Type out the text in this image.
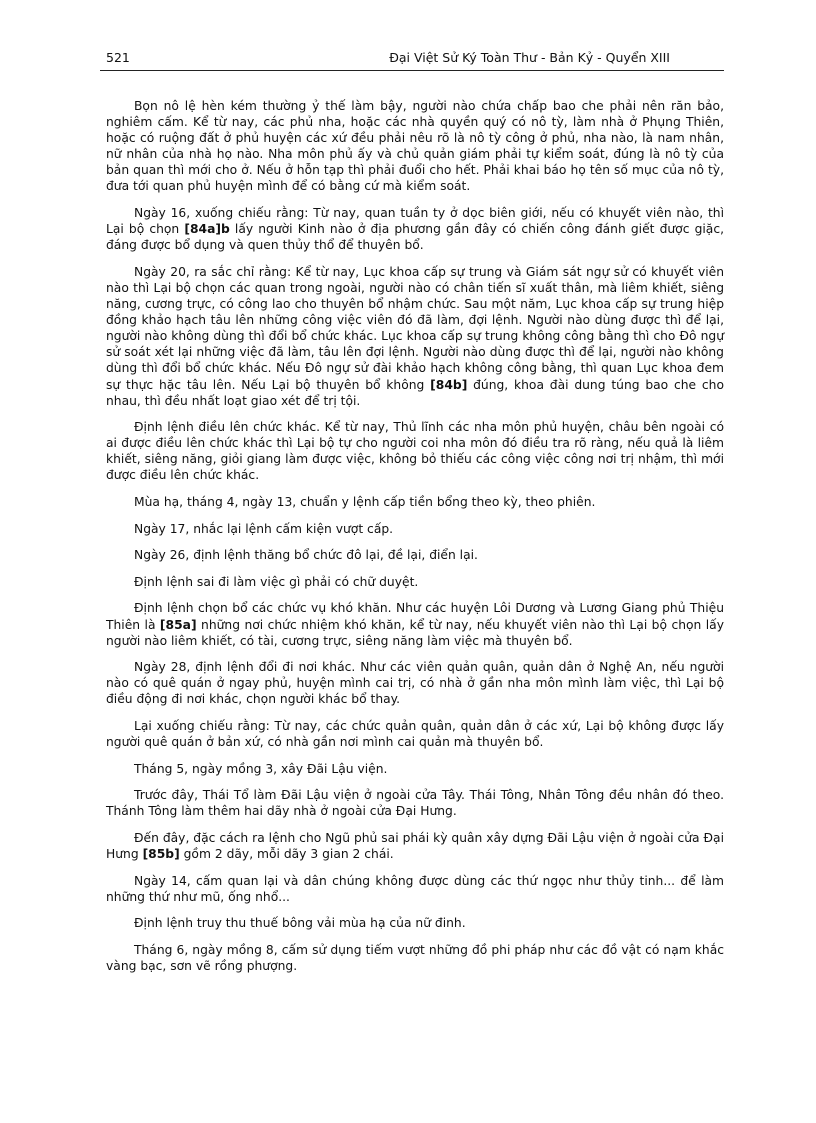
521	Đại Việt Sử Ký Toàn Thư - Bản Kỷ - Quyển XIII

Bọn nô lệ hèn kém thường ỷ thế làm bậy, người nào chứa chấp bao che phải nên răn bảo, nghiêm cấm. Kể từ nay, các phủ nha, hoặc các nhà quyền quý có nô tỳ, làm nhà ở Phụng Thiên, hoặc có ruộng đất ở phủ huyện các xứ đều phải nêu rõ là nô tỳ công ở phủ, nha nào, là nam nhân, nữ nhân của nhà họ nào. Nha môn phủ ấy và chủ quản giám phải tự kiểm soát, đúng là nô tỳ của bản quan thì mới cho ở. Nếu ở hỗn tạp thì phải đuổi cho hết. Phải khai báo họ tên số mục của nô tỳ, đưa tới quan phủ huyện mình để có bằng cứ mà kiểm soát.

Ngày 16, xuống chiếu rằng: Từ nay, quan tuần ty ở dọc biên giới, nếu có khuyết viên nào, thì Lại bộ chọn [84a]b lấy người Kinh nào ở địa phương gần đây có chiến công đánh giết được giặc, đáng được bổ dụng và quen thủy thổ để thuyên bổ.

Ngày 20, ra sắc chỉ rằng: Kể từ nay, Lục khoa cấp sự trung và Giám sát ngự sử có khuyết viên nào thì Lại bộ chọn các quan trong ngoài, người nào có chân tiến sĩ xuất thân, mà liêm khiết, siêng năng, cương trực, có công lao cho thuyên bổ nhậm chức. Sau một năm, Lục khoa cấp sự trung hiệp đồng khảo hạch tâu lên những công việc viên đó đã làm, đợi lệnh. Người nào dùng được thì để lại, người nào không dùng thì đổi bổ chức khác. Lục khoa cấp sự trung không công bằng thì cho Đô ngự sử soát xét lại những việc đã làm, tâu lên đợi lệnh. Người nào dùng được thì để lại, người nào không dùng thì đổi bổ chức khác. Nếu Đô ngự sử đài khảo hạch không công bằng, thì quan Lục khoa đem sự thực hặc tâu lên. Nếu Lại bộ thuyên bổ không [84b] đúng, khoa đài dung túng bao che cho nhau, thì đều nhất loạt giao xét để trị tội.

Định lệnh điều lên chức khác. Kể từ nay, Thủ lĩnh các nha môn phủ huyện, châu bên ngoài có ai được điều lên chức khác thì Lại bộ tự cho người coi nha môn đó điều tra rõ ràng, nếu quả là liêm khiết, siêng năng, giỏi giang làm được việc, không bỏ thiếu các công việc công nơi trị nhậm, thì mới được điều lên chức khác.

Mùa hạ, tháng 4, ngày 13, chuẩn y lệnh cấp tiền bổng theo kỳ, theo phiên.

Ngày 17, nhắc lại lệnh cấm kiện vượt cấp.

Ngày 26, định lệnh thăng bổ chức đô lại, đề lại, điển lại.

Định lệnh sai đi làm việc gì phải có chữ duyệt.

Định lệnh chọn bổ các chức vụ khó khăn. Như các huyện Lôi Dương và Lương Giang phủ Thiệu Thiên là [85a] những nơi chức nhiệm khó khăn, kể từ nay, nếu khuyết viên nào thì Lại bộ chọn lấy người nào liêm khiết, có tài, cương trực, siêng năng làm việc mà thuyên bổ.

Ngày 28, định lệnh đổi đi nơi khác. Như các viên quản quân, quản dân ở Nghệ An, nếu người nào có quê quán ở ngay phủ, huyện mình cai trị, có nhà ở gần nha môn mình làm việc, thì Lại bộ điều động đi nơi khác, chọn người khác bổ thay.

Lại xuống chiếu rằng: Từ nay, các chức quản quân, quản dân ở các xứ, Lại bộ không được lấy người quê quán ở bản xứ, có nhà gần nơi mình cai quản mà thuyên bổ.

Tháng 5, ngày mồng 3, xây Đãi Lậu viện.

Trước đây, Thái Tổ làm Đãi Lậu viện ở ngoài cửa Tây. Thái Tông, Nhân Tông đều nhân đó theo. Thánh Tông làm thêm hai dãy nhà ở ngoài cửa Đại Hưng.

Đến đây, đặc cách ra lệnh cho Ngũ phủ sai phái kỳ quân xây dựng Đãi Lậu viện ở ngoài cửa Đại Hưng [85b] gồm 2 dãy, mỗi dãy 3 gian 2 chái.

Ngày 14, cấm quan lại và dân chúng không được dùng các thứ ngọc như thủy tinh... để làm những thứ như mũ, ống nhổ...

Định lệnh truy thu thuế bông vải mùa hạ của nữ đinh.

Tháng 6, ngày mồng 8, cấm sử dụng tiếm vượt những đồ phi pháp như các đồ vật có nạm khắc vàng bạc, sơn vẽ rồng phượng.
